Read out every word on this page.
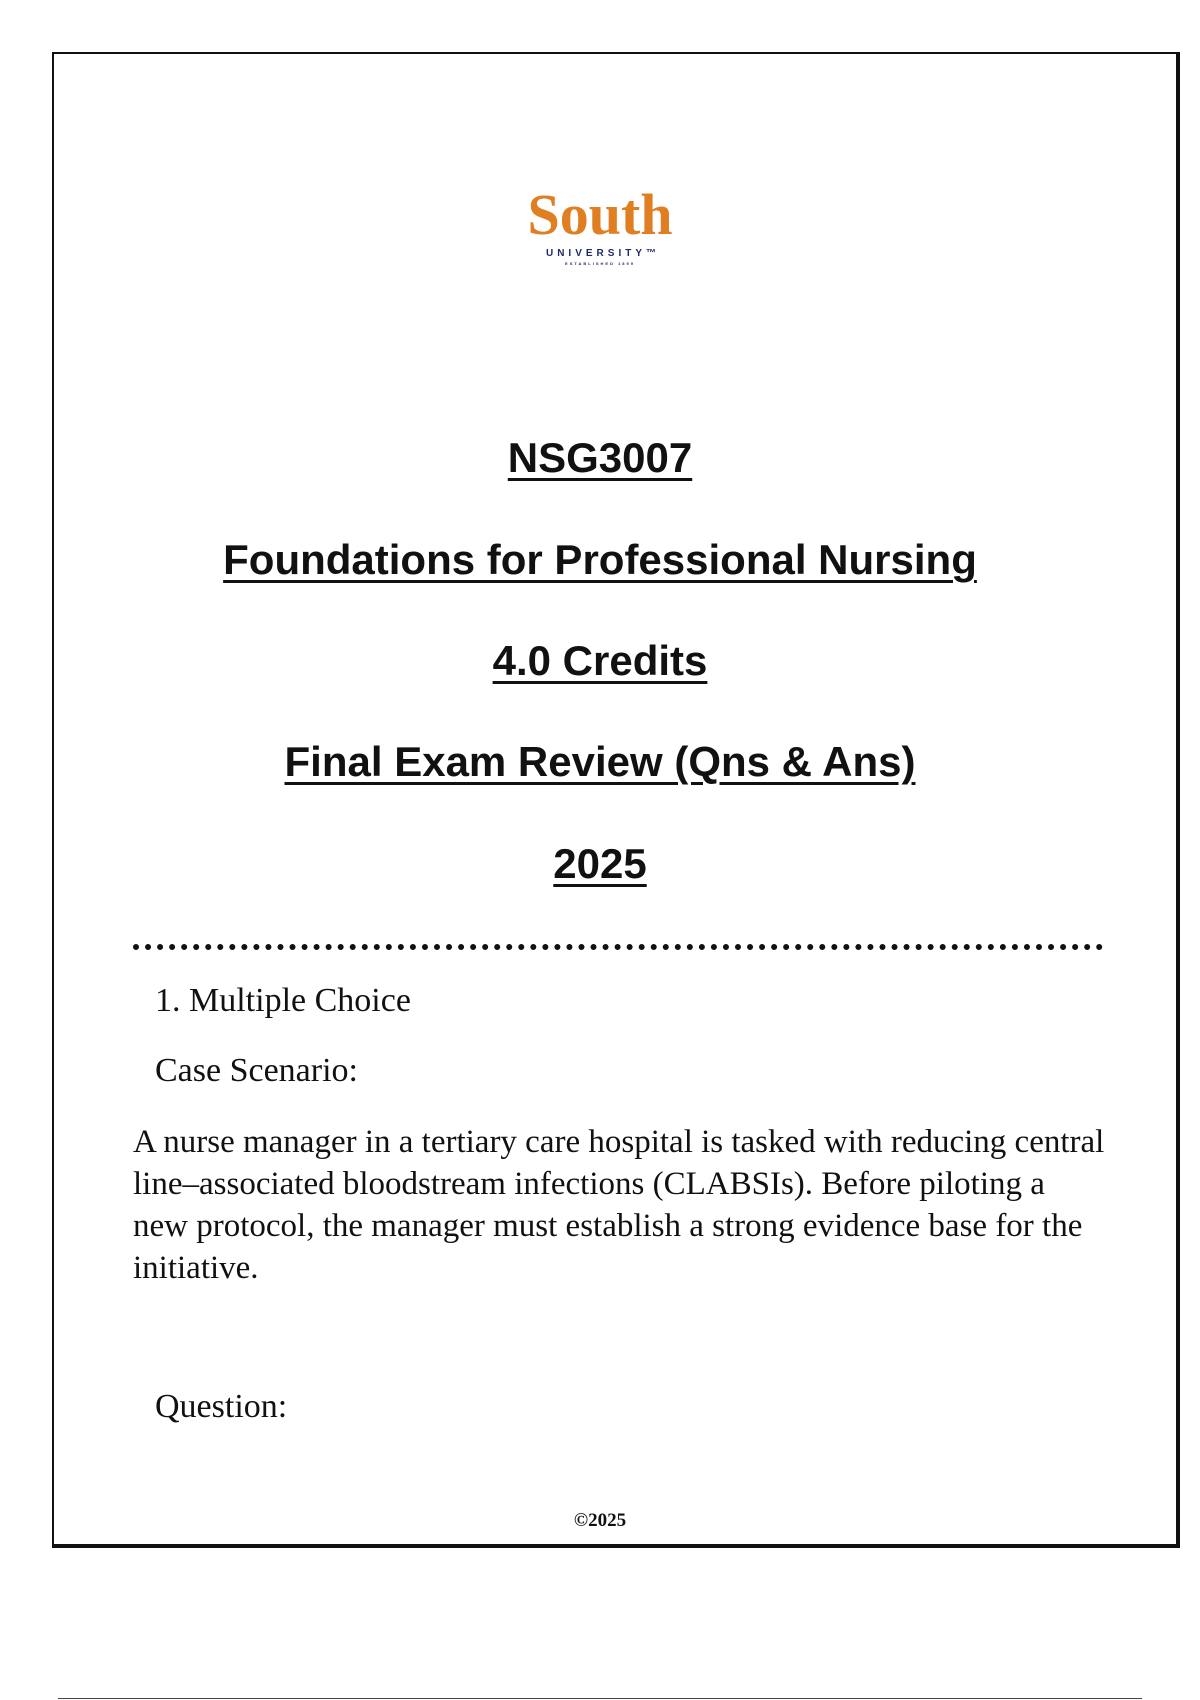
South
UNIVERSITY™
ESTABLISHED 1899
NSG3007
Foundations for Professional Nursing
4.0 Credits
Final Exam Review (Qns & Ans)
2025
1. Multiple Choice
Case Scenario:
A nurse manager in a tertiary care hospital is tasked with reducing central line–associated bloodstream infections (CLABSIs). Before piloting a new protocol, the manager must establish a strong evidence base for the initiative.
Question:
©2025
